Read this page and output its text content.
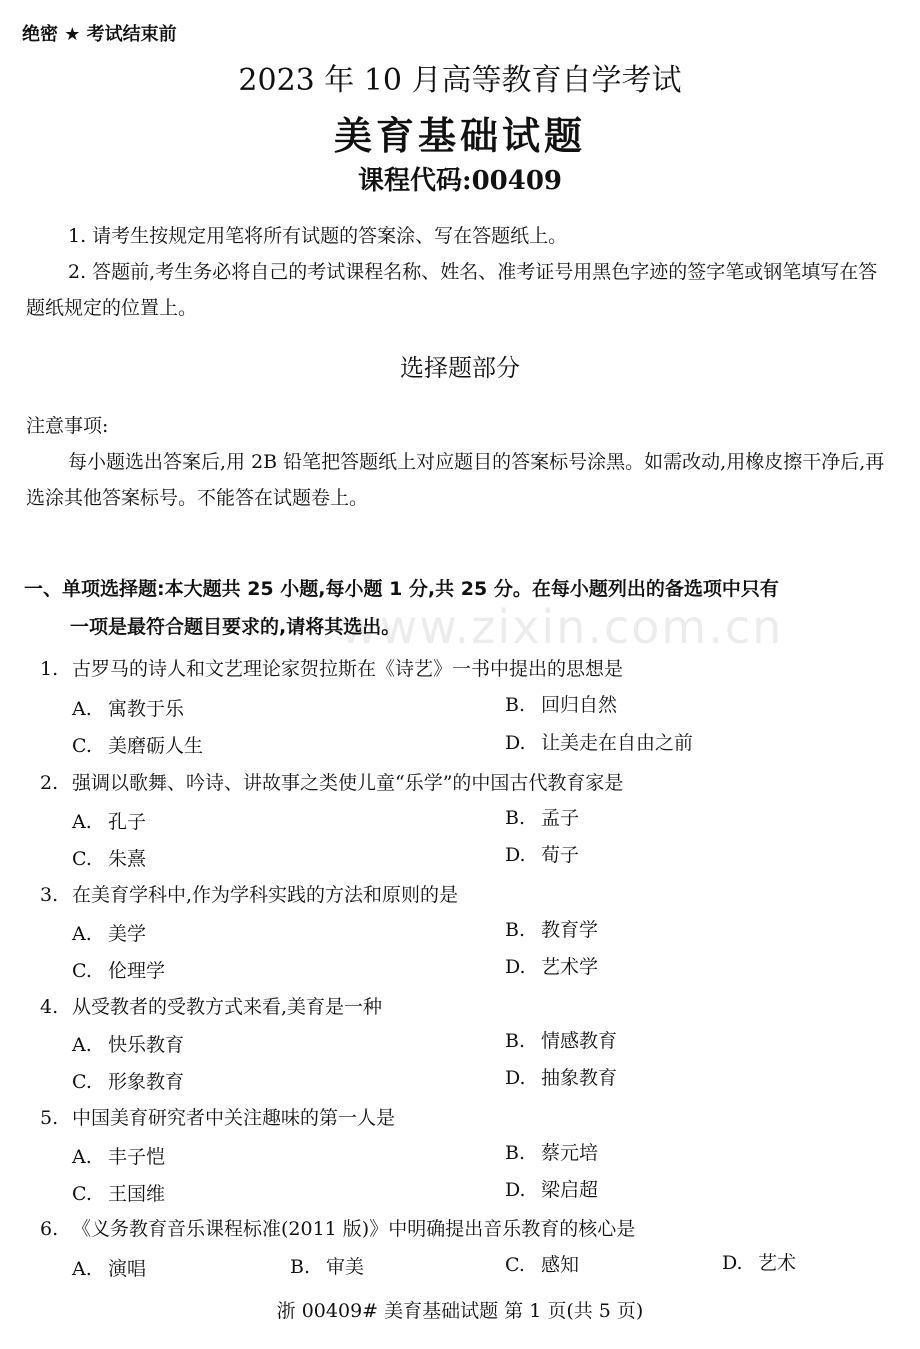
绝密 ★ 考试结束前
2023 年 10 月高等教育自学考试
美育基础试题
课程代码:00409

1. 请考生按规定用笔将所有试题的答案涂、写在答题纸上。

2. 答题前,考生务必将自己的考试课程名称、姓名、准考证号用黑色字迹的签字笔或钢笔填写在答题纸规定的位置上。

选择题部分

注意事项:

每小题选出答案后,用 2B 铅笔把答题纸上对应题目的答案标号涂黑。如需改动,用橡皮擦干净后,再选涂其他答案标号。不能答在试题卷上。

www.zixin.com.cn
一、单项选择题:本大题共 25 小题,每小题 1 分,共 25 分。在每小题列出的备选项中只有
一项是最符合题目要求的,请将其选出。
1. 古罗马的诗人和文艺理论家贺拉斯在《诗艺》一书中提出的思想是
A. 寓教于乐	B. 回归自然
C. 美磨砺人生	D. 让美走在自由之前
2. 强调以歌舞、吟诗、讲故事之类使儿童“乐学”的中国古代教育家是
A. 孔子	B. 孟子
C. 朱熹	D. 荀子
3. 在美育学科中,作为学科实践的方法和原则的是
A. 美学	B. 教育学
C. 伦理学	D. 艺术学
4. 从受教者的受教方式来看,美育是一种
A. 快乐教育	B. 情感教育
C. 形象教育	D. 抽象教育
5. 中国美育研究者中关注趣味的第一人是
A. 丰子恺	B. 蔡元培
C. 王国维	D. 梁启超
6. 《义务教育音乐课程标准(2011 版)》中明确提出音乐教育的核心是
A. 演唱	B. 审美	C. 感知	D. 艺术
浙 00409# 美育基础试题 第 1 页(共 5 页)
